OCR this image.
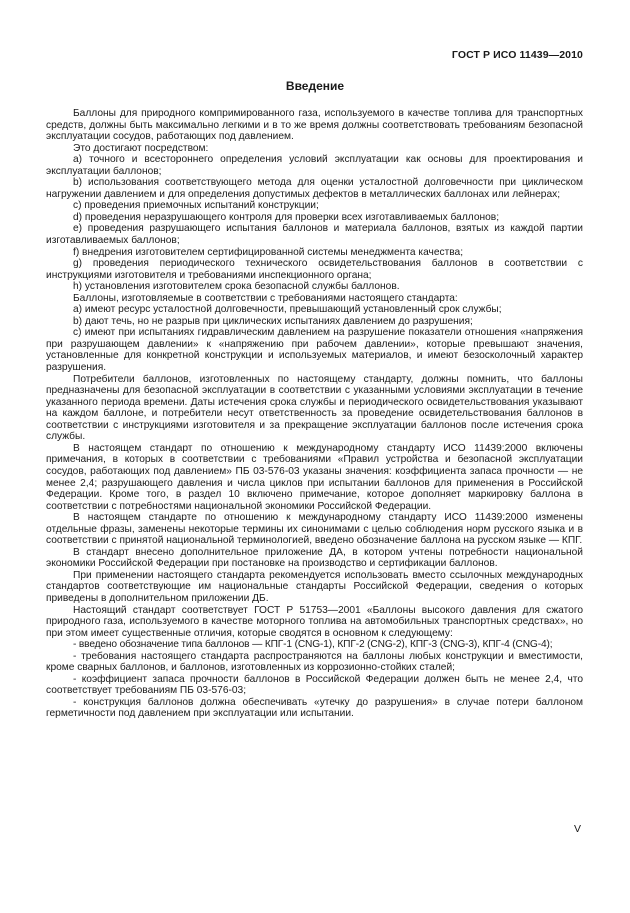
ГОСТ Р ИСО 11439—2010
Введение

Баллоны для природного компримированного газа, используемого в качестве топлива для транспортных средств, должны быть максимально легкими и в то же время должны соответствовать требованиям безопасной эксплуатации сосудов, работающих под давлением.

Это достигают посредством:

a) точного и всестороннего определения условий эксплуатации как основы для проектирования и эксплуатации баллонов;

b) использования соответствующего метода для оценки усталостной долговечности при циклическом нагружении давлением и для определения допустимых дефектов в металлических баллонах или лейнерах;

c) проведения приемочных испытаний конструкции;

d) проведения неразрушающего контроля для проверки всех изготавливаемых баллонов;

e) проведения разрушающего испытания баллонов и материала баллонов, взятых из каждой партии изготавливаемых баллонов;

f) внедрения изготовителем сертифицированной системы менеджмента качества;

g) проведения периодического технического освидетельствования баллонов в соответствии с инструкциями изготовителя и требованиями инспекционного органа;

h) установления изготовителем срока безопасной службы баллонов.

Баллоны, изготовляемые в соответствии с требованиями настоящего стандарта:

a) имеют ресурс усталостной долговечности, превышающий установленный срок службы;

b) дают течь, но не разрыв при циклических испытаниях давлением до разрушения;

c) имеют при испытаниях гидравлическим давлением на разрушение показатели отношения «напряжения при разрушающем давлении» к «напряжению при рабочем давлении», которые превышают значения, установленные для конкретной конструкции и используемых материалов, и имеют безосколочный характер разрушения.

Потребители баллонов, изготовленных по настоящему стандарту, должны помнить, что баллоны предназначены для безопасной эксплуатации в соответствии с указанными условиями эксплуатации в течение указанного периода времени. Даты истечения срока службы и периодического освидетельствования указывают на каждом баллоне, и потребители несут ответственность за проведение освидетельствования баллонов в соответствии с инструкциями изготовителя и за прекращение эксплуатации баллонов после истечения срока службы.

В настоящем стандарт по отношению к международному стандарту ИСО 11439:2000 включены примечания, в которых в соответствии с требованиями «Правил устройства и безопасной эксплуатации сосудов, работающих под давлением» ПБ 03-576-03 указаны значения: коэффициента запаса прочности — не менее 2,4; разрушающего давления и числа циклов при испытании баллонов для применения в Российской Федерации. Кроме того, в раздел 10 включено примечание, которое дополняет маркировку баллона в соответствии с потребностями национальной экономики Российской Федерации.

В настоящем стандарте по отношению к международному стандарту ИСО 11439:2000 изменены отдельные фразы, заменены некоторые термины их синонимами с целью соблюдения норм русского языка и в соответствии с принятой национальной терминологией, введено обозначение баллона на русском языке — КПГ.

В стандарт внесено дополнительное приложение ДА, в котором учтены потребности национальной экономики Российской Федерации при постановке на производство и сертификации баллонов.

При применении настоящего стандарта рекомендуется использовать вместо ссылочных международных стандартов соответствующие им национальные стандарты Российской Федерации, сведения о которых приведены в дополнительном приложении ДБ.

Настоящий стандарт соответствует ГОСТ Р 51753—2001 «Баллоны высокого давления для сжатого природного газа, используемого в качестве моторного топлива на автомобильных транспортных средствах», но при этом имеет существенные отличия, которые сводятся в основном к следующему:

- введено обозначение типа баллонов — КПГ-1 (CNG-1), КПГ-2 (CNG-2), КПГ-3 (CNG-3), КПГ-4 (CNG-4);

- требования настоящего стандарта распространяются на баллоны любых конструкции и вместимости, кроме сварных баллонов, и баллонов, изготовленных из коррозионно-стойких сталей;

- коэффициент запаса прочности баллонов в Российской Федерации должен быть не менее 2,4, что соответствует требованиям ПБ 03-576-03;

- конструкция баллонов должна обеспечивать «утечку до разрушения» в случае потери баллоном герметичности под давлением при эксплуатации или испытании.

V
